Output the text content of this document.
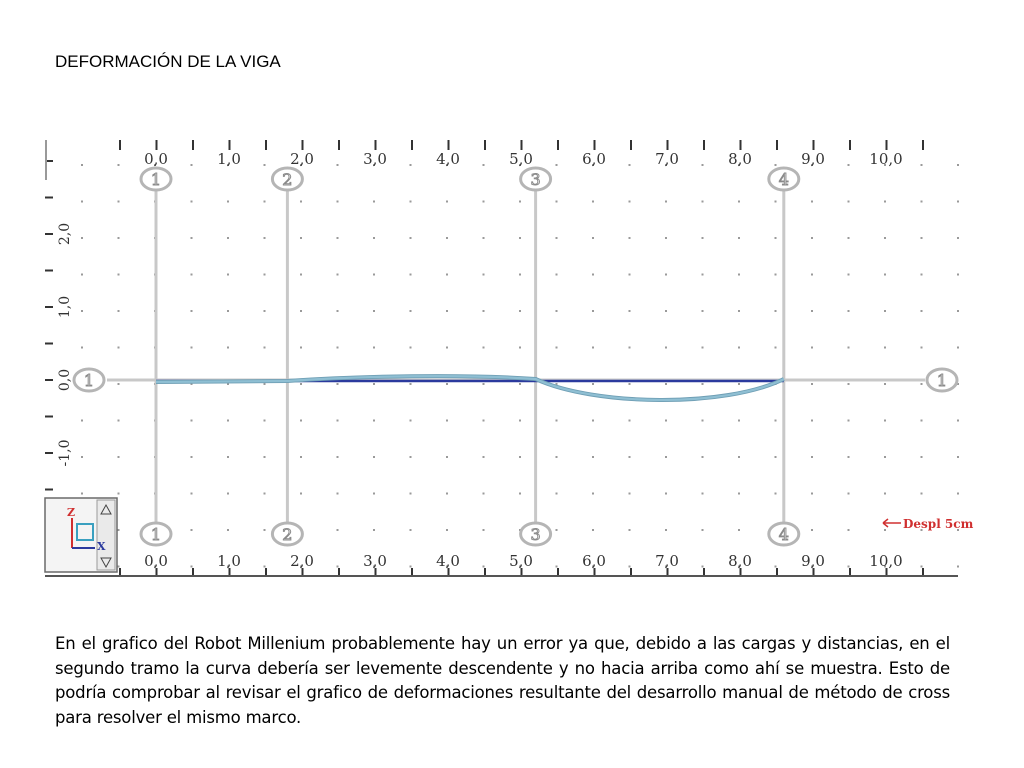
DEFORMACIÓN DE LA VIGA
0,0	1,0	2,0	3,0	4,0	5,0	6,0	7,0	8,0	9,0	10,0
0,0	1,0	2,0	3,0	4,0	5,0	6,0	7,0	8,0	9,0	10,0
2,0
1,0
0,0
-1,0
1
1
2
2
3
3
4
4
1	1
Despl 5cm
Z
X
En el grafico del Robot Millenium probablemente hay un error ya que, debido a las cargas y distancias, en el segundo tramo la curva debería ser levemente descendente y no hacia arriba como ahí se muestra. Esto de podría comprobar al revisar el grafico de deformaciones resultante del desarrollo manual de método de cross para resolver el mismo marco.
